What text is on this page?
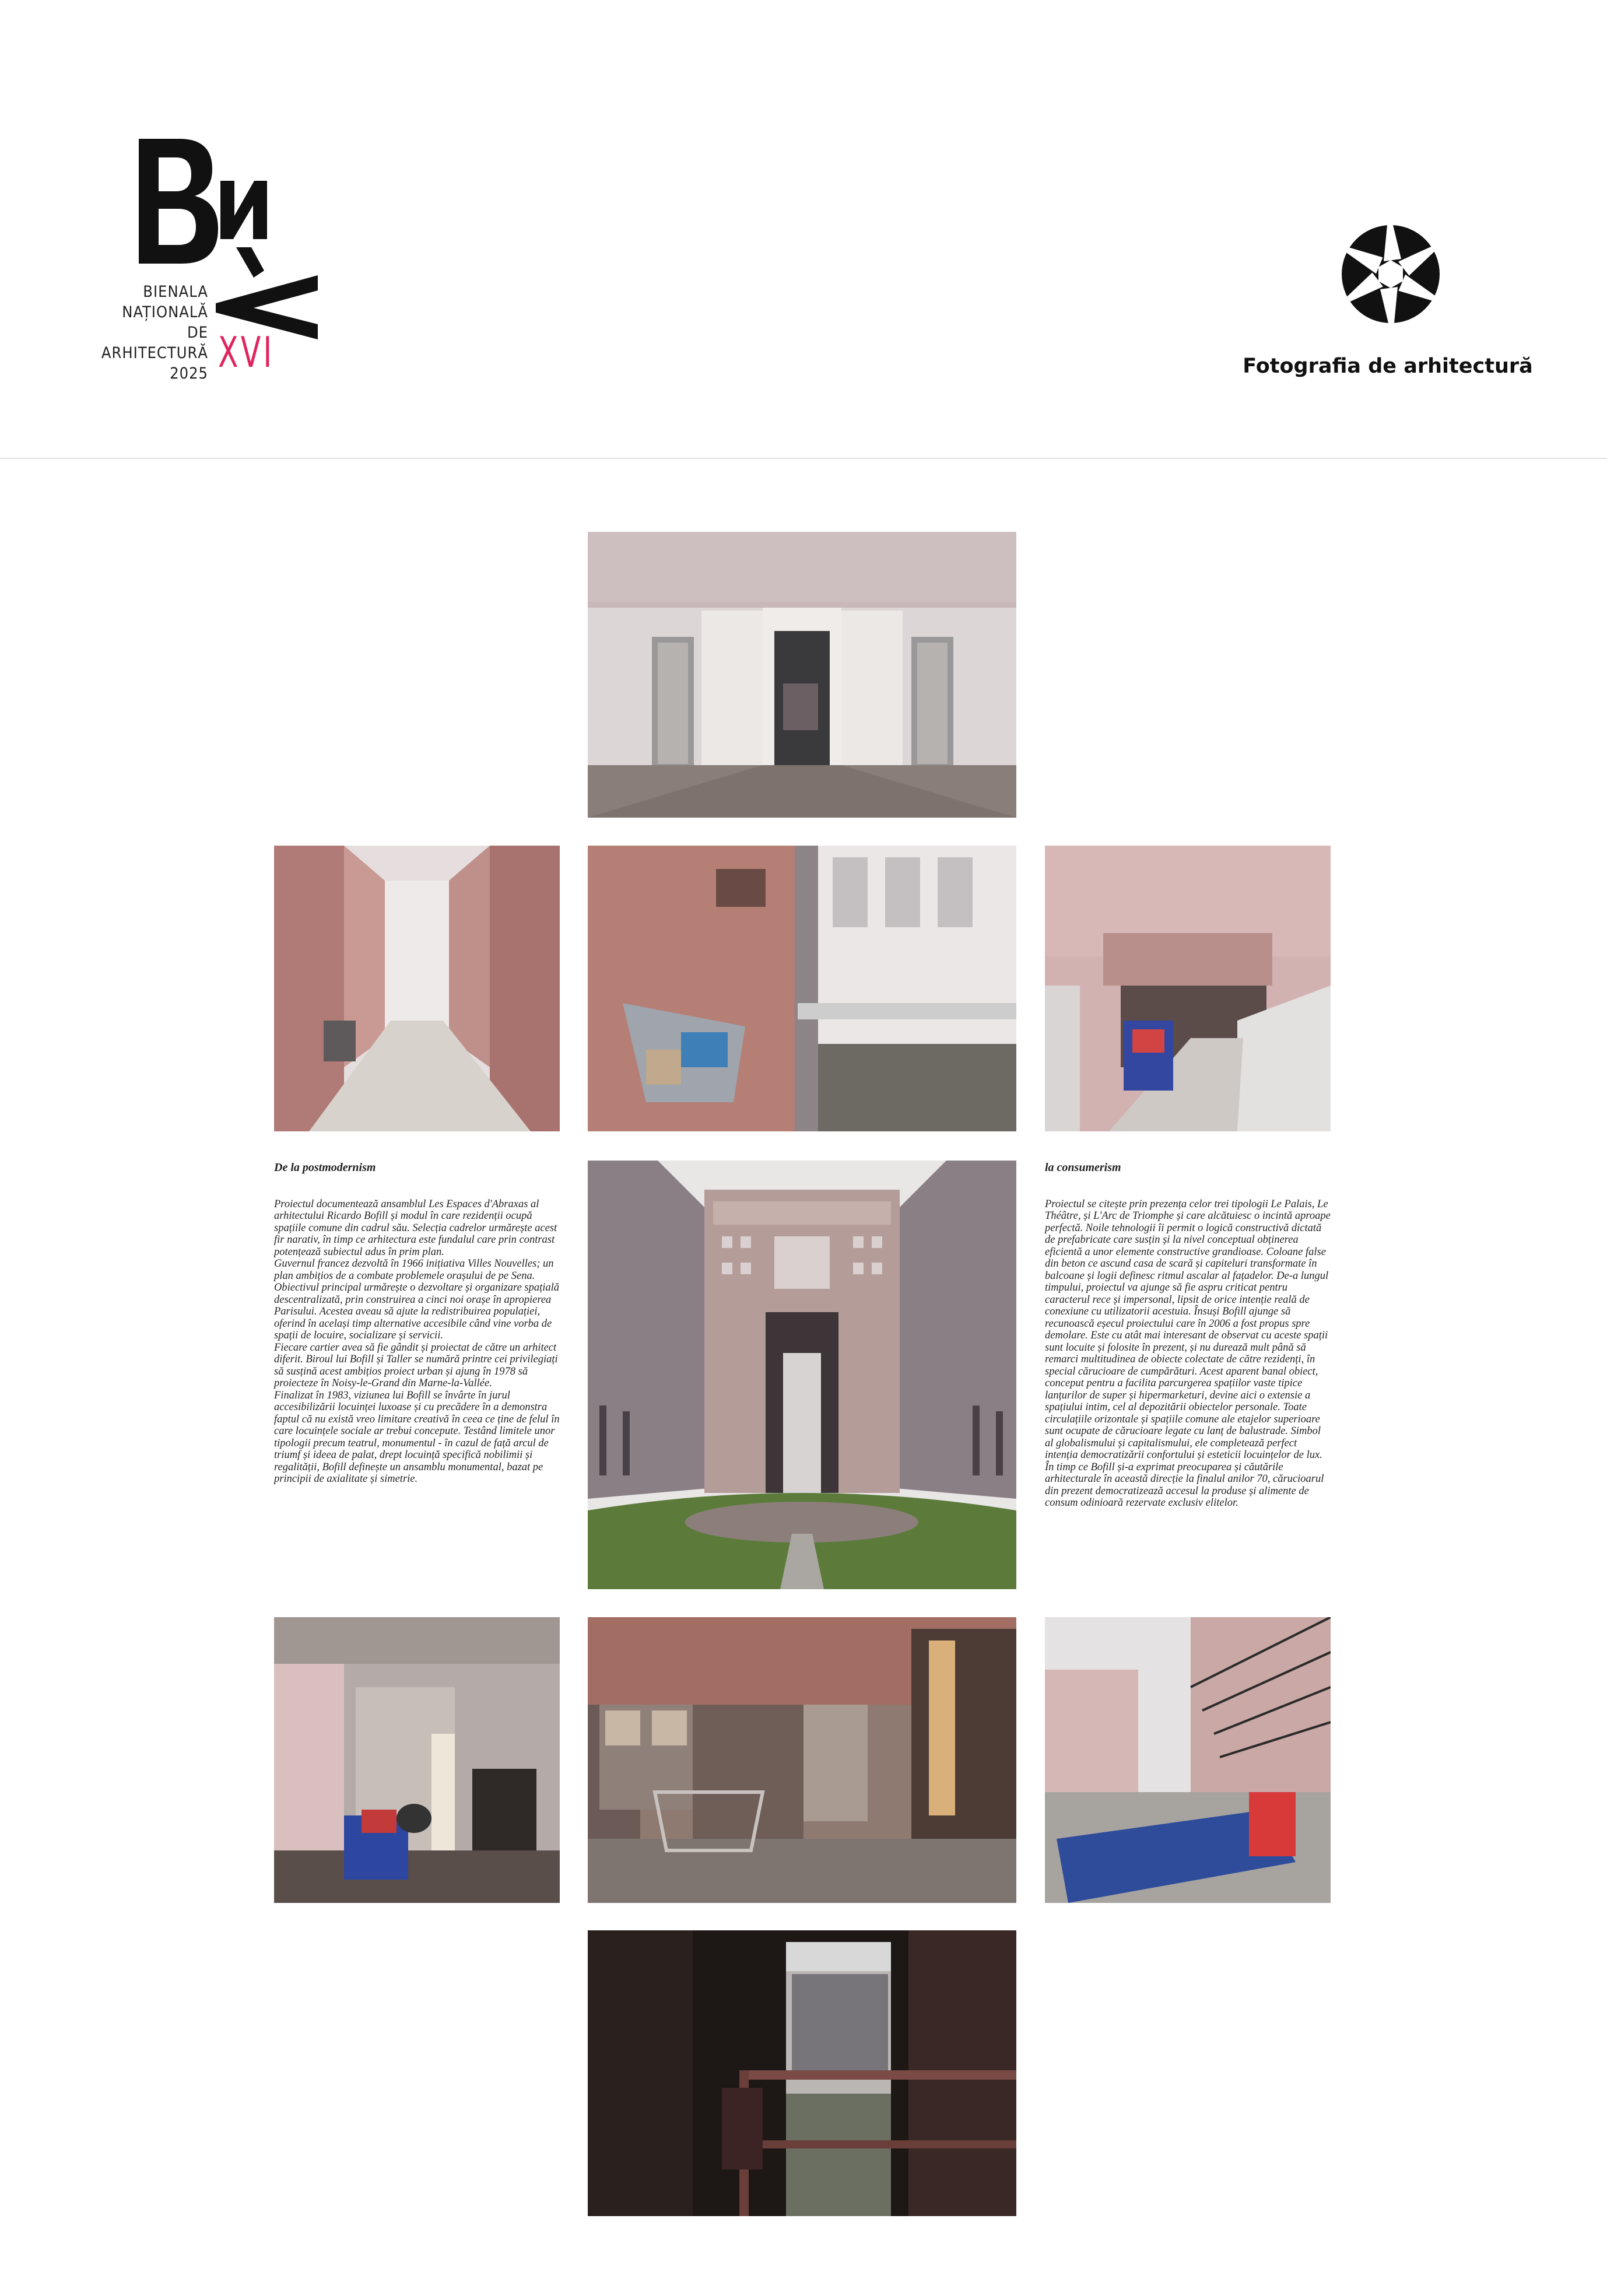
BIENALA
NAȚIONALĂ
DE
ARHITECTURĂ
2025 XVI	Fotografia de arhitectură
De la postmodernism

Proiectul documentează ansamblul Les Espaces d'Abraxas al arhitectului Ricardo Bofill și modul în care rezidenții ocupă spațiile comune din cadrul său. Selecția cadrelor urmărește acest fir narativ, în timp ce arhitectura este fundalul care prin contrast potențează subiectul adus în prim plan.

Guvernul francez dezvoltă în 1966 inițiativa Villes Nouvelles; un plan ambițios de a combate problemele orașului de pe Sena. Obiectivul principal urmărește o dezvoltare și organizare spațială descentralizată, prin construirea a cinci noi orașe în apropierea Parisului. Acestea aveau să ajute la redistribuirea populației, oferind în același timp alternative accesibile când vine vorba de spații de locuire, socializare și servicii.

Fiecare cartier avea să fie gândit și proiectat de către un arhitect diferit. Biroul lui Bofill și Taller se numără printre cei privilegiați să susțină acest ambițios proiect urban și ajung în 1978 să proiecteze în Noisy-le-Grand din Marne-la-Vallée.

Finalizat în 1983, viziunea lui Bofill se învârte în jurul accesibilizării locuinței luxoase și cu precădere în a demonstra faptul că nu există vreo limitare creativă în ceea ce ține de felul în care locuințele sociale ar trebui concepute. Testând limitele unor tipologii precum teatrul, monumentul - în cazul de față arcul de triumf și ideea de palat, drept locuință specifică nobilimii și regalității, Bofill definește un ansamblu monumental, bazat pe principii de axialitate și simetrie.

la consumerism

Proiectul se citește prin prezența celor trei tipologii Le Palais, Le Théâtre, și L'Arc de Triomphe și care alcătuiesc o incintă aproape perfectă. Noile tehnologii îi permit o logică constructivă dictată de prefabricate care susțin și la nivel conceptual obținerea eficientă a unor elemente constructive grandioase. Coloane false din beton ce ascund casa de scară și capiteluri transformate în balcoane și logii definesc ritmul ascalar al fațadelor. De-a lungul timpului, proiectul va ajunge să fie aspru criticat pentru caracterul rece și impersonal, lipsit de orice intenție reală de conexiune cu utilizatorii acestuia. Însuși Bofill ajunge să recunoască eșecul proiectului care în 2006 a fost propus spre demolare. Este cu atât mai interesant de observat cu aceste spații sunt locuite și folosite în prezent, și nu durează mult până să remarci multitudinea de obiecte colectate de către rezidenți, în special cărucioare de cumpărături. Acest aparent banal obiect, conceput pentru a facilita parcurgerea spațiilor vaste tipice lanțurilor de super și hipermarketuri, devine aici o extensie a spațiului intim, cel al depozitării obiectelor personale. Toate circulațiile orizontale și spațiile comune ale etajelor superioare sunt ocupate de cărucioare legate cu lanț de balustrade. Simbol al globalismului și capitalismului, ele completează perfect intenția democratizării confortului și esteticii locuințelor de lux. În timp ce Bofill și-a exprimat preocuparea și căutările arhitecturale în această direcție la finalul anilor 70, cărucioarul din prezent democratizează accesul la produse și alimente de consum odinioară rezervate exclusiv elitelor.
